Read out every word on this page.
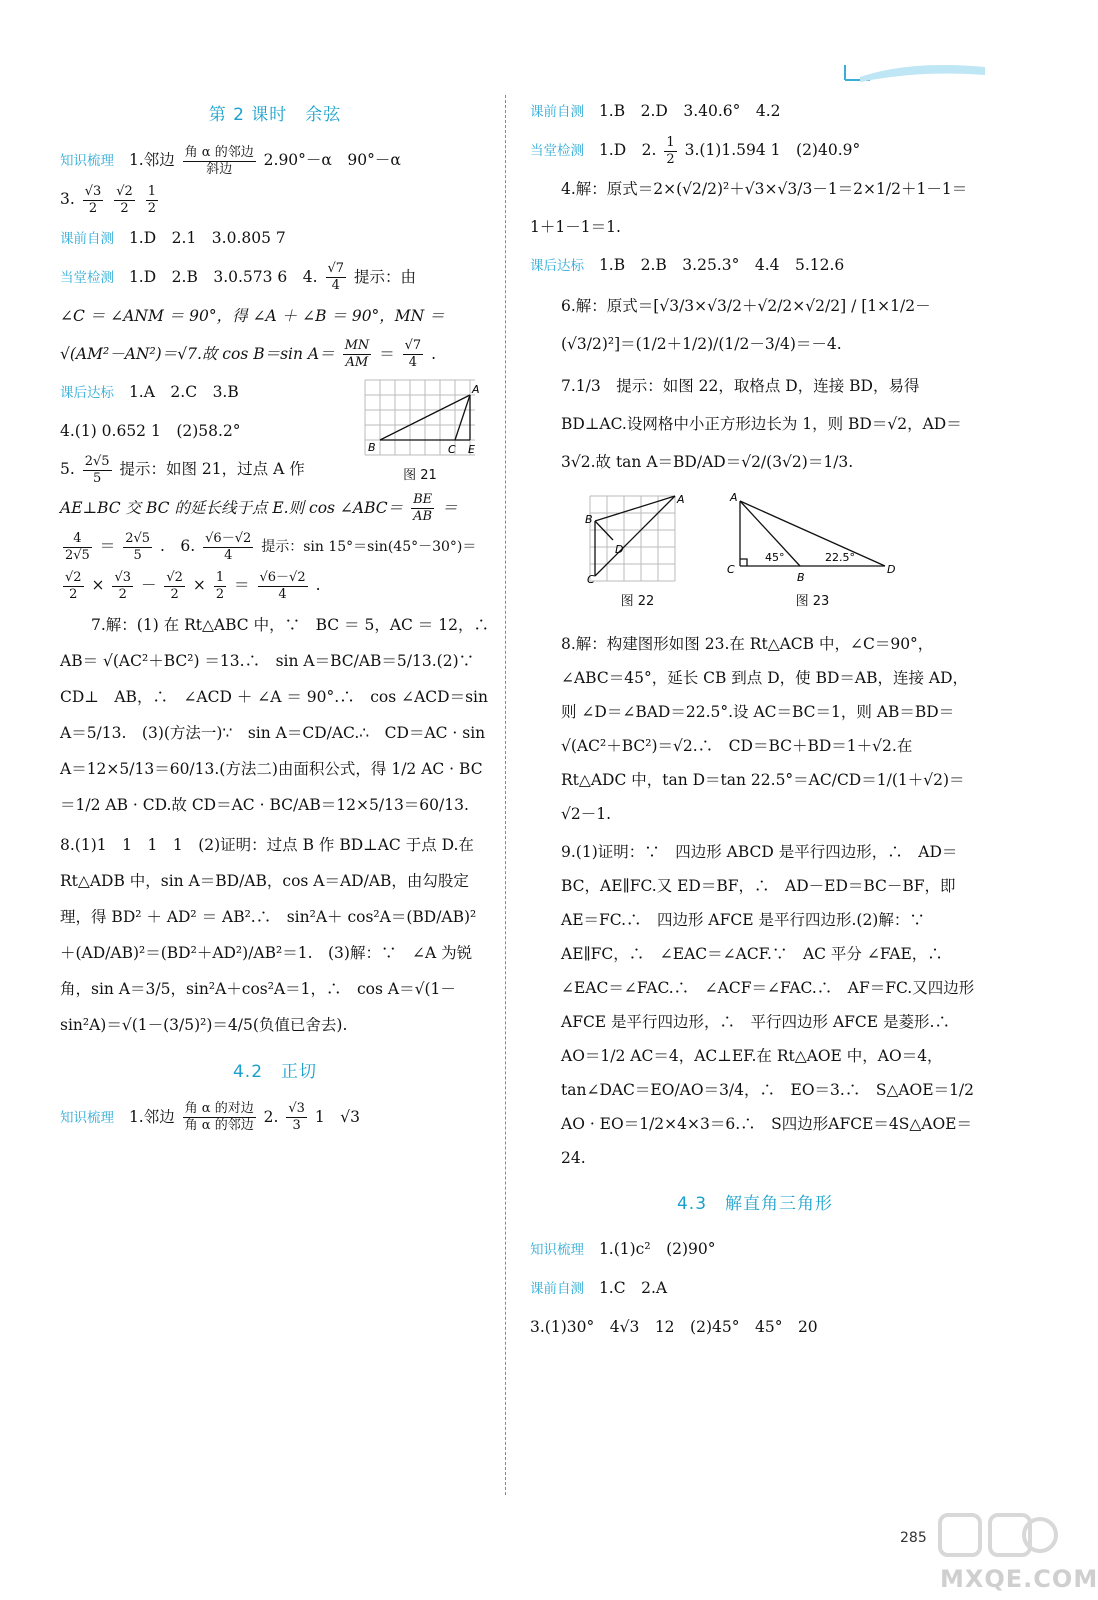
第 2 课时　余弦
知识梳理 1.邻边 $\frac{\text{角 α 的邻边}}{\text{斜边}} 2.90^\circ-\alpha$　90°－α
3. $\frac{√3}{2}$
$\frac{√2}{2}$
$\frac{1}{2}$
课前自测 1.D　2.1　3.0.805 7
当堂检测 1.D　2.B　3.0.573 6　4. $\frac{√7}{4}$ 提示：由
∠C ＝ ∠ANM ＝ 90°，得 ∠A ＋ ∠B ＝ 90°，MN ＝
√(AM²－AN²)＝√7.故 cos B＝sin $A= \frac{MN}{AM} = \frac{√7}{4}$ .
课后达标 1.A　2.C　3.B
4.(1) 0.652 1　(2)58.2°
5. $\frac{2√5}{5}$ 提示：如图 21，过点 A 作
A
B	C E
图 21
AE⊥BC 交 BC 的延长线于点 E.则 cos ∠ABC＝ $\frac{BE}{AB}$ ＝
$\frac{4}{2√5} = \frac{2√5}{5}$ .　6. $\frac{√6-√2}{4}$ 提示：sin 15°＝sin(45°－30°)＝
$\frac{√2}{2} \times \frac{√3}{2} - \frac{√2}{2} \times \frac{1}{2} = \frac{√6-√2}{4}$ .
7.解：(1) 在 Rt△ABC 中，∵　BC ＝ 5，AC ＝ 12，∴　AB＝ √(AC²＋BC²) ＝13.∴　sin A＝BC/AB＝5/13.(2)∵　CD⊥　AB，∴　∠ACD ＋ ∠A ＝ 90°.∴　cos ∠ACD＝sin A＝5/13.　(3)(方法一)∵　sin A＝CD/AC.∴　CD＝AC · sin A＝12×5/13＝60/13.(方法二)由面积公式，得 1/2 AC · BC＝1/2 AB · CD.故 CD＝AC · BC/AB＝12×5/13＝60/13.
8.(1)1　1　1　1　(2)证明：过点 B 作 BD⊥AC 于点 D.在 Rt△ADB 中，sin A＝BD/AB，cos A＝AD/AB，由勾股定理，得 BD² ＋ AD² ＝ AB².∴　sin²A＋ cos²A＝(BD/AB)²＋(AD/AB)²＝(BD²＋AD²)/AB²＝1.　(3)解：∵　∠A 为锐角，sin A＝3/5，sin²A＋cos²A＝1，∴　cos A＝√(1－sin²A)＝√(1－(3/5)²)＝4/5(负值已舍去).
4.2　正切
知识梳理 1.邻边 $\frac{\text{角 α 的对边}}{\text{角 α 的邻边}} 2$. $\frac{√3}{3} 1$　√3
课前自测 1.B　2.D　3.40.6°　4.2
当堂检测 1.D　2. $\frac{1}{2} 3.(1)1.594$ 1　(2)40.9°
4.解：原式＝2×(√2/2)²＋√3×√3/3－1＝2×1/2＋1－1＝
1＋1－1＝1.
课后达标 1.B　2.B　3.25.3°　4.4　5.12.6
6.解：原式＝[√3/3×√3/2＋√2/2×√2/2] / [1×1/2－(√3/2)²]＝(1/2＋1/2)/(1/2－3/4)＝－4.
7.1/3　提示：如图 22，取格点 D，连接 BD，易得 BD⊥AC.设网格中小正方形边长为 1，则 BD＝√2，AD＝3√2.故 tan A＝BD/AD＝√2/(3√2)＝1/3.
A
B
C
D
图 22
A
C
B
D
45°	22.5°
图 23
8.解：构建图形如图 23.在 Rt△ACB 中，∠C＝90°，∠ABC＝45°，延长 CB 到点 D，使 BD＝AB，连接 AD，则 ∠D＝∠BAD＝22.5°.设 AC＝BC＝1，则 AB＝BD＝√(AC²＋BC²)＝√2.∴　CD＝BC＋BD＝1＋√2.在 Rt△ADC 中，tan D＝tan 22.5°＝AC/CD＝1/(1＋√2)＝√2－1.
9.(1)证明：∵　四边形 ABCD 是平行四边形，∴　AD＝BC，AE∥FC.又 ED＝BF，∴　AD－ED＝BC－BF，即 AE＝FC.∴　四边形 AFCE 是平行四边形.(2)解：∵　AE∥FC，∴　∠EAC＝∠ACF.∵　AC 平分 ∠FAE，∴　∠EAC＝∠FAC.∴　∠ACF＝∠FAC.∴　AF＝FC.又四边形 AFCE 是平行四边形，∴　平行四边形 AFCE 是菱形.∴　AO＝1/2 AC＝4，AC⊥EF.在 Rt△AOE 中，AO＝4，tan∠DAC＝EO/AO＝3/4，∴　EO＝3.∴　S△AOE＝1/2 AO · EO＝1/2×4×3＝6.∴　S四边形AFCE＝4S△AOE＝24.
4.3　解直角三角形
知识梳理 1.(1)c²　(2)90°
课前自测 1.C　2.A
3.(1)30°　4√3　12　(2)45°　45°　20
285
MXQE.COM
